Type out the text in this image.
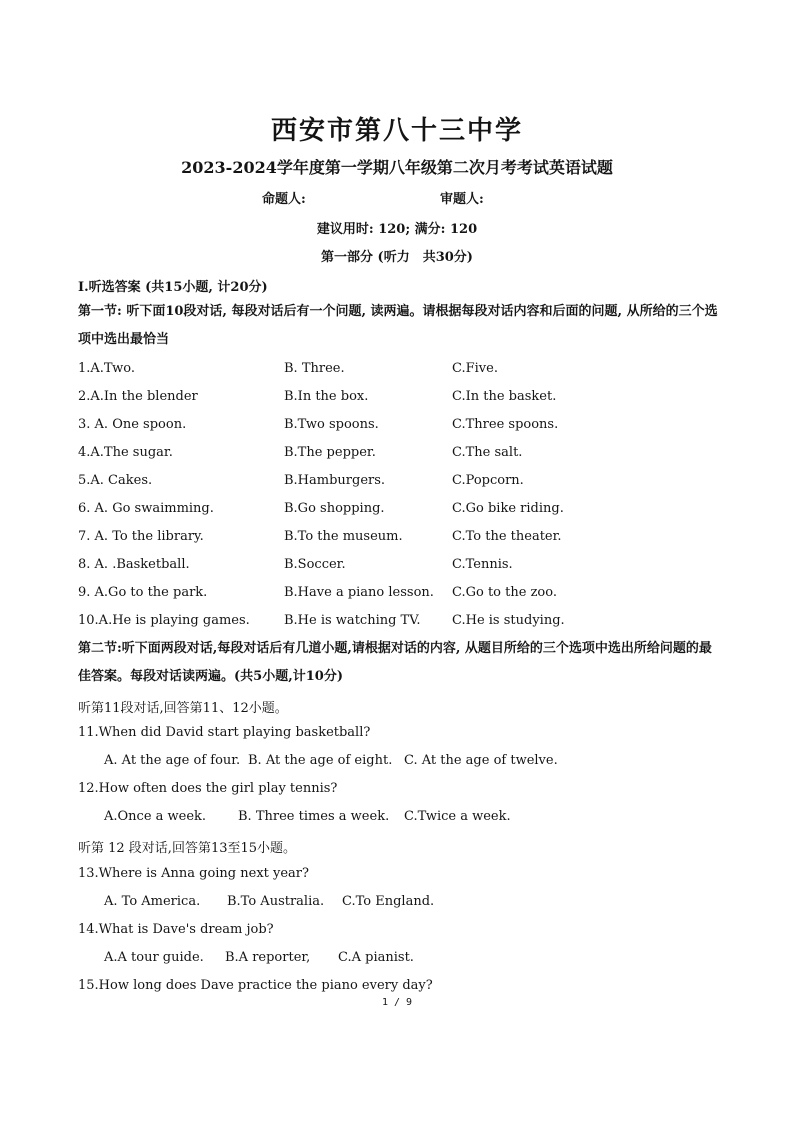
西安市第八十三中学
2023-2024学年度第一学期八年级第二次月考考试英语试题
命题人:	审题人:
建议用时: 120; 满分: 120
第一部分 (听力　共30分)
I.听选答案 (共15小题, 计20分)
第一节: 听下面10段对话, 每段对话后有一个问题, 读两遍。请根据每段对话内容和后面的问题, 从所给的三个选项中选出最恰当
1.A.Two.	B. Three.	C.Five.
2.A.In the blender	B.In the box.	C.In the basket.
3. A. One spoon.	B.Two spoons.	C.Three spoons.
4.A.The sugar.	B.The pepper.	C.The salt.
5.A. Cakes.	B.Hamburgers.	C.Popcorn.
6. A. Go swaimming.	B.Go shopping.	C.Go bike riding.
7. A. To the library.	B.To the museum.	C.To the theater.
8. A. .Basketball.	B.Soccer.	C.Tennis.
9. A.Go to the park.	B.Have a piano lesson. C.Go to the zoo.
10.A.He is playing games.	B.He is watching TV. C.He is studying.
第二节:听下面两段对话,每段对话后有几道小题,请根据对话的内容, 从题目所给的三个选项中选出所给问题的最佳答案。每段对话读两遍。(共5小题,计10分)
听第11段对话,回答第11、12小题。
11.When did David start playing basketball?
A. At the age of four. B. At the age of eight. C. At the age of twelve.
12.How often does the girl play tennis?
A.Once a week. B. Three times a week. C.Twice a week.
听第 12 段对话,回答第13至15小题。
13.Where is Anna going next year?
A. To America. B.To Australia. C.To England.
14.What is Dave's dream job?
A.A tour guide. B.A reporter, C.A pianist.
15.How long does Dave practice the piano every day?
1 / 9
